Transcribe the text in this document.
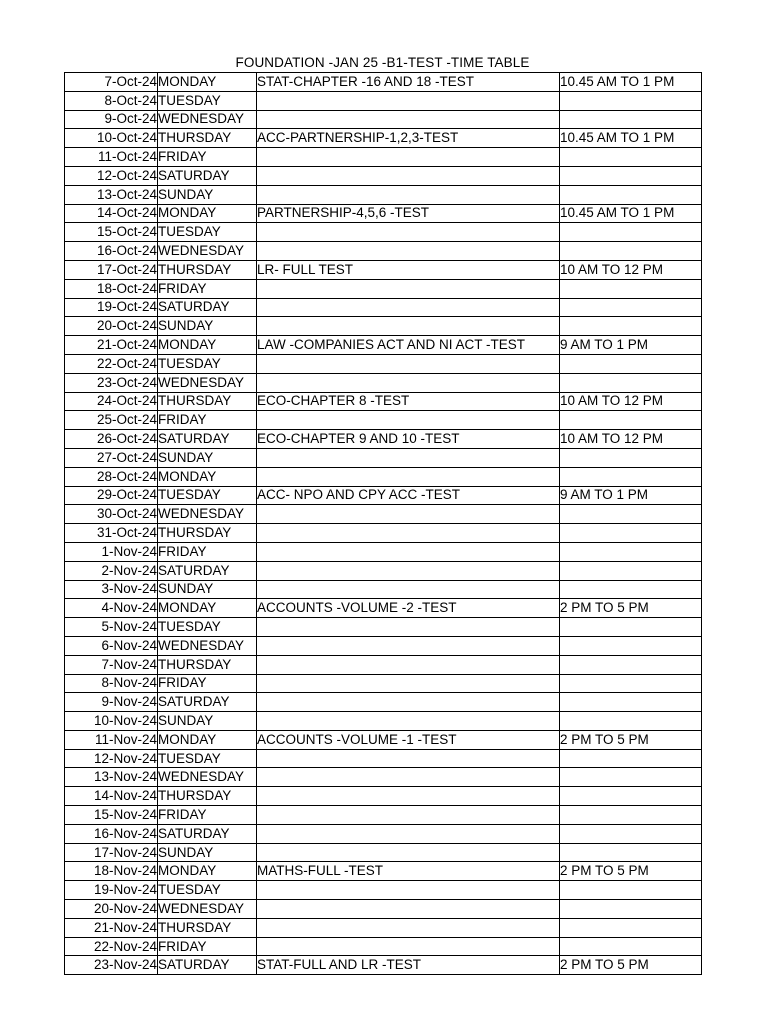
FOUNDATION -JAN 25 -B1-TEST -TIME TABLE
7-Oct-24	MONDAY	STAT-CHAPTER -16 AND 18 -TEST	10.45 AM TO 1 PM
8-Oct-24	TUESDAY		
9-Oct-24	WEDNESDAY		
10-Oct-24	THURSDAY	ACC-PARTNERSHIP-1,2,3-TEST	10.45 AM TO 1 PM
11-Oct-24	FRIDAY		
12-Oct-24	SATURDAY		
13-Oct-24	SUNDAY		
14-Oct-24	MONDAY	PARTNERSHIP-4,5,6 -TEST	10.45 AM TO 1 PM
15-Oct-24	TUESDAY		
16-Oct-24	WEDNESDAY		
17-Oct-24	THURSDAY	LR- FULL TEST	10 AM TO 12 PM
18-Oct-24	FRIDAY		
19-Oct-24	SATURDAY		
20-Oct-24	SUNDAY		
21-Oct-24	MONDAY	LAW -COMPANIES ACT AND NI ACT -TEST	9 AM TO 1 PM
22-Oct-24	TUESDAY		
23-Oct-24	WEDNESDAY		
24-Oct-24	THURSDAY	ECO-CHAPTER 8 -TEST	10 AM TO 12 PM
25-Oct-24	FRIDAY		
26-Oct-24	SATURDAY	ECO-CHAPTER 9 AND 10 -TEST	10 AM TO 12 PM
27-Oct-24	SUNDAY		
28-Oct-24	MONDAY		
29-Oct-24	TUESDAY	ACC- NPO AND CPY ACC -TEST	9 AM TO 1 PM
30-Oct-24	WEDNESDAY		
31-Oct-24	THURSDAY		
1-Nov-24	FRIDAY		
2-Nov-24	SATURDAY		
3-Nov-24	SUNDAY		
4-Nov-24	MONDAY	ACCOUNTS -VOLUME -2 -TEST	2 PM TO 5 PM
5-Nov-24	TUESDAY		
6-Nov-24	WEDNESDAY		
7-Nov-24	THURSDAY		
8-Nov-24	FRIDAY		
9-Nov-24	SATURDAY		
10-Nov-24	SUNDAY		
11-Nov-24	MONDAY	ACCOUNTS -VOLUME -1 -TEST	2 PM TO 5 PM
12-Nov-24	TUESDAY		
13-Nov-24	WEDNESDAY		
14-Nov-24	THURSDAY		
15-Nov-24	FRIDAY		
16-Nov-24	SATURDAY		
17-Nov-24	SUNDAY		
18-Nov-24	MONDAY	MATHS-FULL -TEST	2 PM TO 5 PM
19-Nov-24	TUESDAY		
20-Nov-24	WEDNESDAY		
21-Nov-24	THURSDAY		
22-Nov-24	FRIDAY		
23-Nov-24	SATURDAY	STAT-FULL AND LR -TEST	2 PM TO 5 PM
